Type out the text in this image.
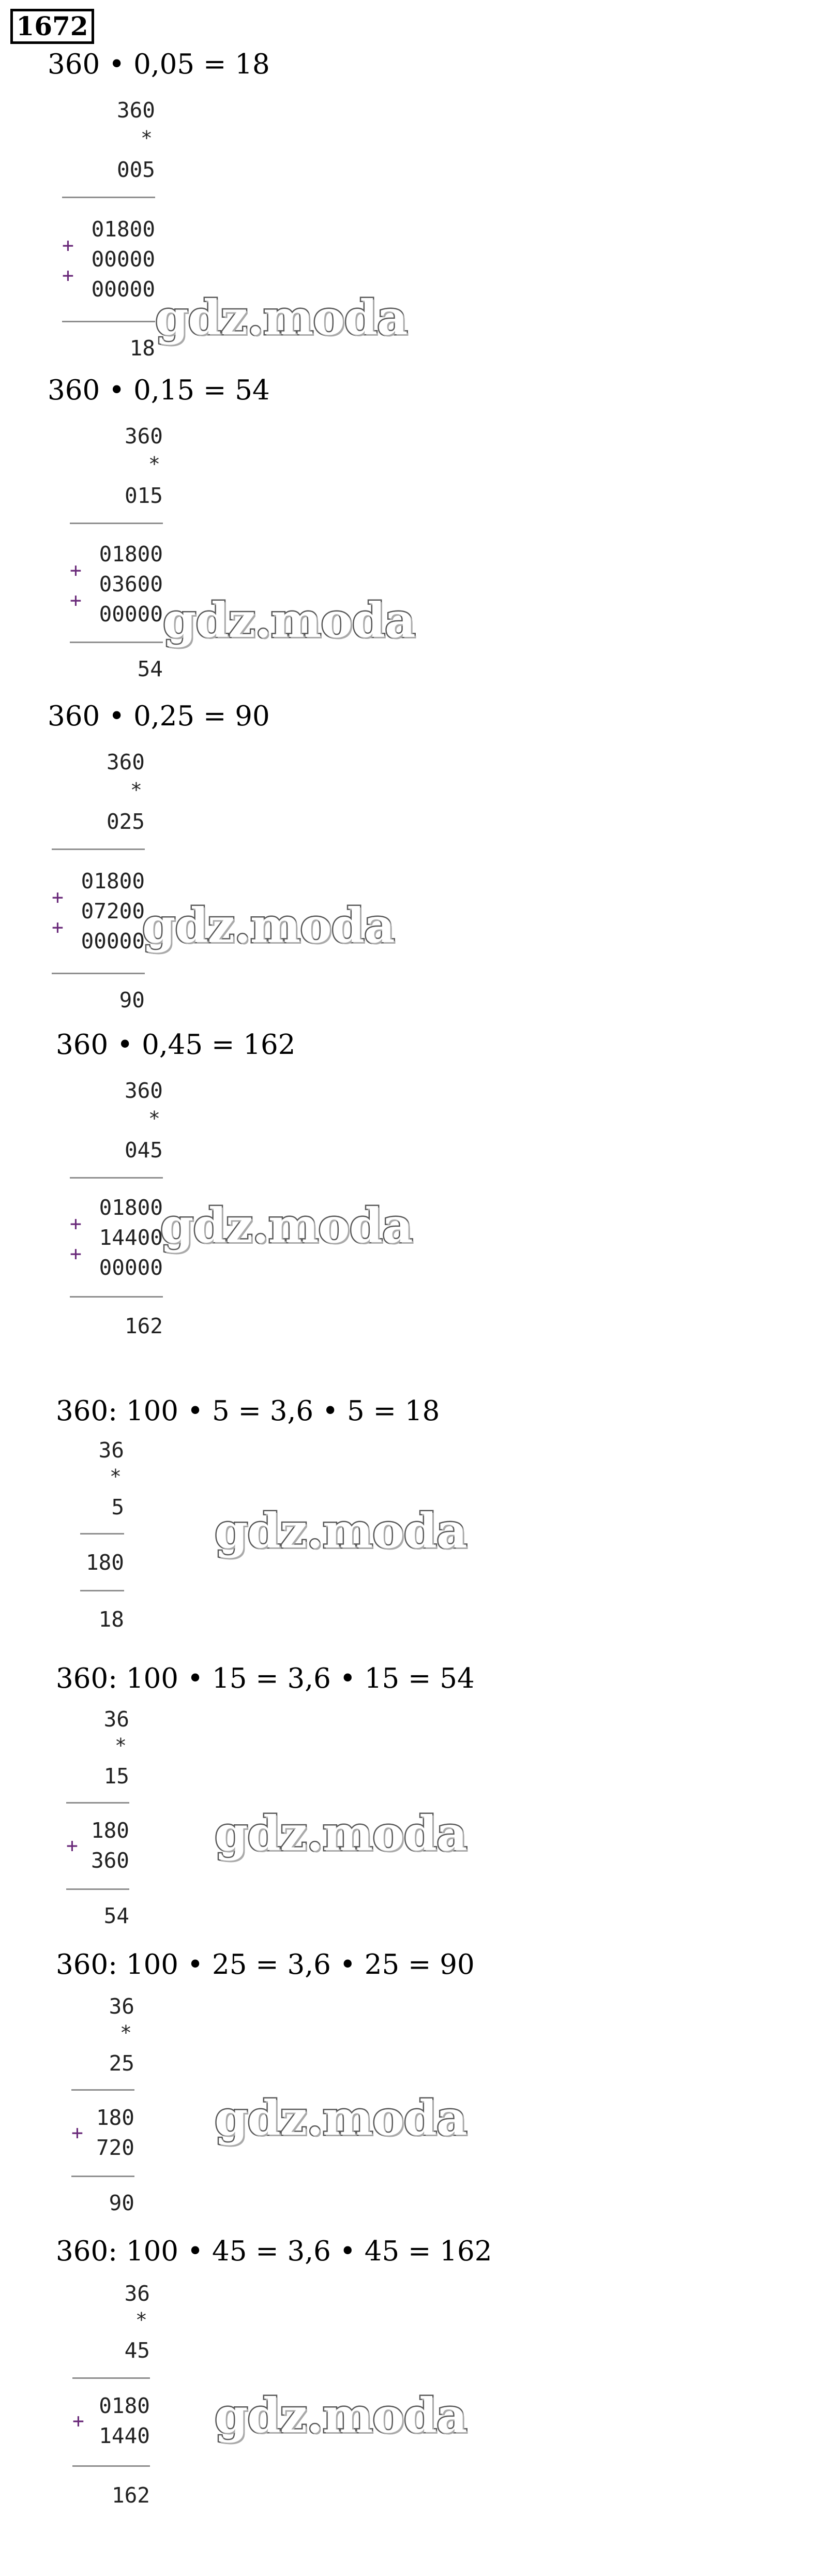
1672
360 • 0,05 = 18
360
*
005
+
+
01800
00000
00000
18
gdz.moda
360 • 0,15 = 54
360
*
015
+
+
01800
03600
00000
54
gdz.moda
360 • 0,25 = 90
360
*
025
+
+
01800
07200
00000
90
gdz.moda
360 • 0,45 = 162
360
*
045
+
+
01800
14400
00000
162
gdz.moda
360: 100 • 5 = 3,6 • 5 = 18
36
*
5
180
18
gdz.moda
360: 100 • 15 = 3,6 • 15 = 54
36
*
15
+
180
360
54
gdz.moda
360: 100 • 25 = 3,6 • 25 = 90
36
*
25
+
180
720
90
gdz.moda
360: 100 • 45 = 3,6 • 45 = 162
36
*
45
+
0180
1440
162
gdz.moda
